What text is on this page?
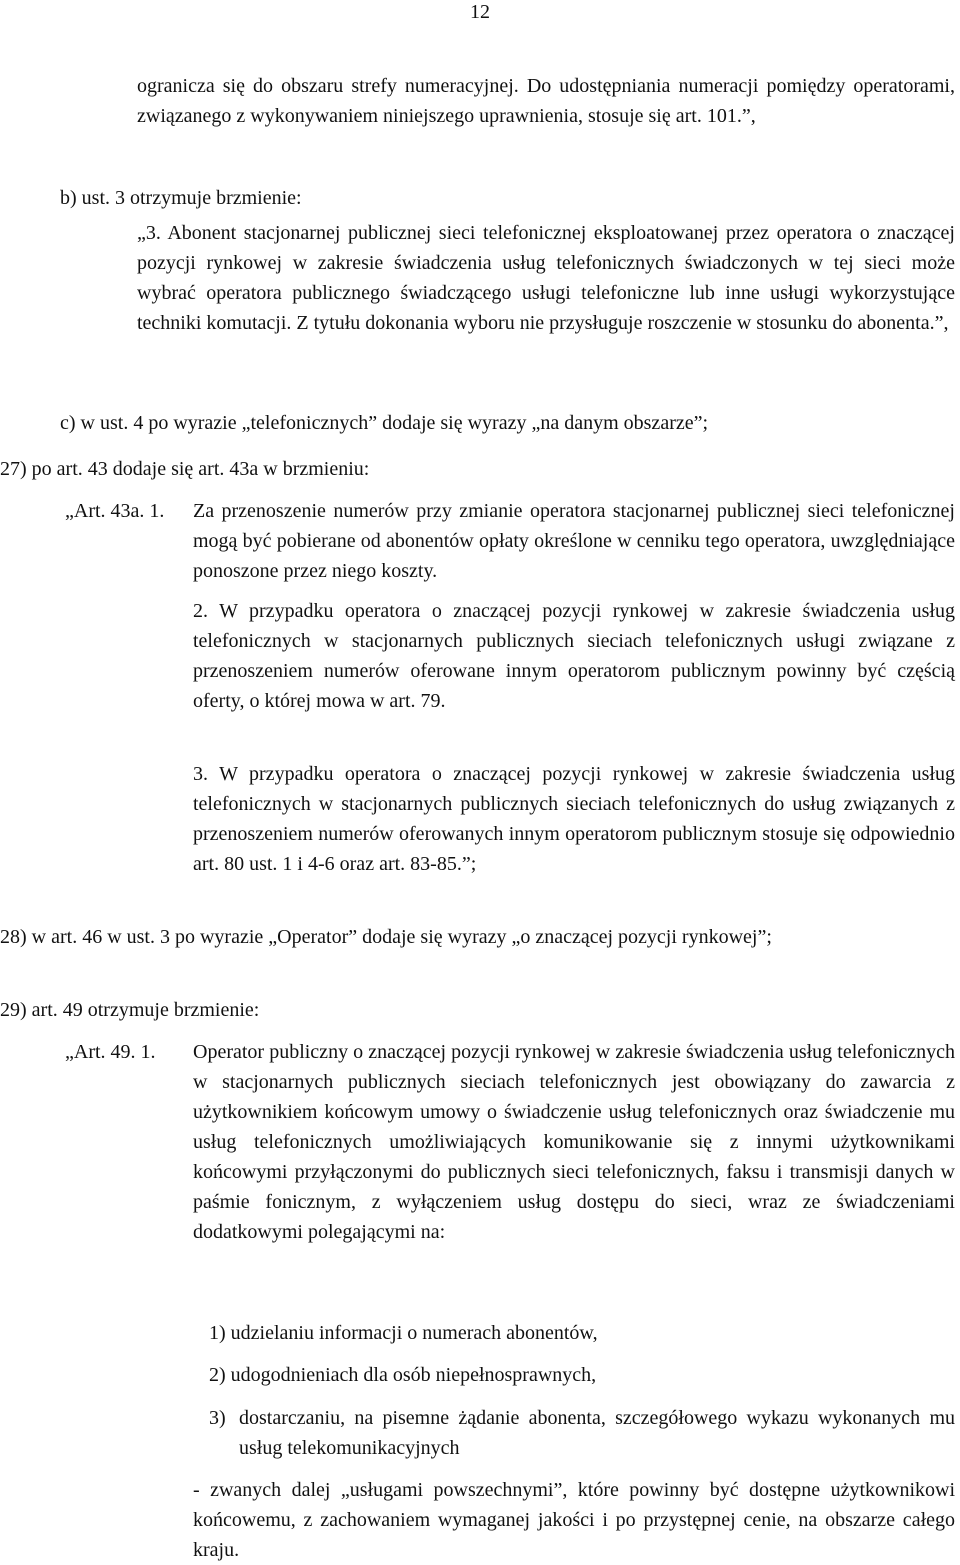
12
ogranicza się do obszaru strefy numeracyjnej. Do udostępniania numeracji pomiędzy operatorami, związanego z wykonywaniem niniejszego uprawnienia, stosuje się art. 101.”,
b) ust. 3 otrzymuje brzmienie:
„3. Abonent stacjonarnej publicznej sieci telefonicznej eksploatowanej przez operatora o znaczącej pozycji rynkowej w zakresie świadczenia usług telefonicznych świadczonych w tej sieci może wybrać operatora publicznego świadczącego usługi telefoniczne lub inne usługi wykorzystujące techniki komutacji. Z tytułu dokonania wyboru nie przysługuje roszczenie w stosunku do abonenta.”,
c) w ust. 4 po wyrazie „telefonicznych” dodaje się wyrazy „na danym obszarze”;
27) po art. 43 dodaje się art. 43a w brzmieniu:
„Art. 43a. 1. Za przenoszenie numerów przy zmianie operatora stacjonarnej publicznej sieci telefonicznej mogą być pobierane od abonentów opłaty określone w cenniku tego operatora, uwzględniające ponoszone przez niego koszty.
2. W przypadku operatora o znaczącej pozycji rynkowej w zakresie świadczenia usług telefonicznych w stacjonarnych publicznych sieciach telefonicznych usługi związane z przenoszeniem numerów oferowane innym operatorom publicznym powinny być częścią oferty, o której mowa w art. 79.
3. W przypadku operatora o znaczącej pozycji rynkowej w zakresie świadczenia usług telefonicznych w stacjonarnych publicznych sieciach telefonicznych do usług związanych z przenoszeniem numerów oferowanych innym operatorom publicznym stosuje się odpowiednio art. 80 ust. 1 i 4-6 oraz art. 83-85.”;
28) w art. 46 w ust. 3 po wyrazie „Operator” dodaje się wyrazy „o znaczącej pozycji rynkowej”;
29) art. 49 otrzymuje brzmienie:
„Art. 49. 1. Operator publiczny o znaczącej pozycji rynkowej w zakresie świadczenia usług telefonicznych w stacjonarnych publicznych sieciach telefonicznych jest obowiązany do zawarcia z użytkownikiem końcowym umowy o świadczenie usług telefonicznych oraz świadczenie mu usług telefonicznych umożliwiających komunikowanie się z innymi użytkownikami końcowymi przyłączonymi do publicznych sieci telefonicznych, faksu i transmisji danych w paśmie fonicznym, z wyłączeniem usług dostępu do sieci, wraz ze świadczeniami dodatkowymi polegającymi na:
1) udzielaniu informacji o numerach abonentów,
2) udogodnieniach dla osób niepełnosprawnych,
3) dostarczaniu, na pisemne żądanie abonenta, szczegółowego wykazu wykonanych mu usług telekomunikacyjnych
- zwanych dalej „usługami powszechnymi”, które powinny być dostępne użytkownikowi końcowemu, z zachowaniem wymaganej jakości i po przystępnej cenie, na obszarze całego kraju.
